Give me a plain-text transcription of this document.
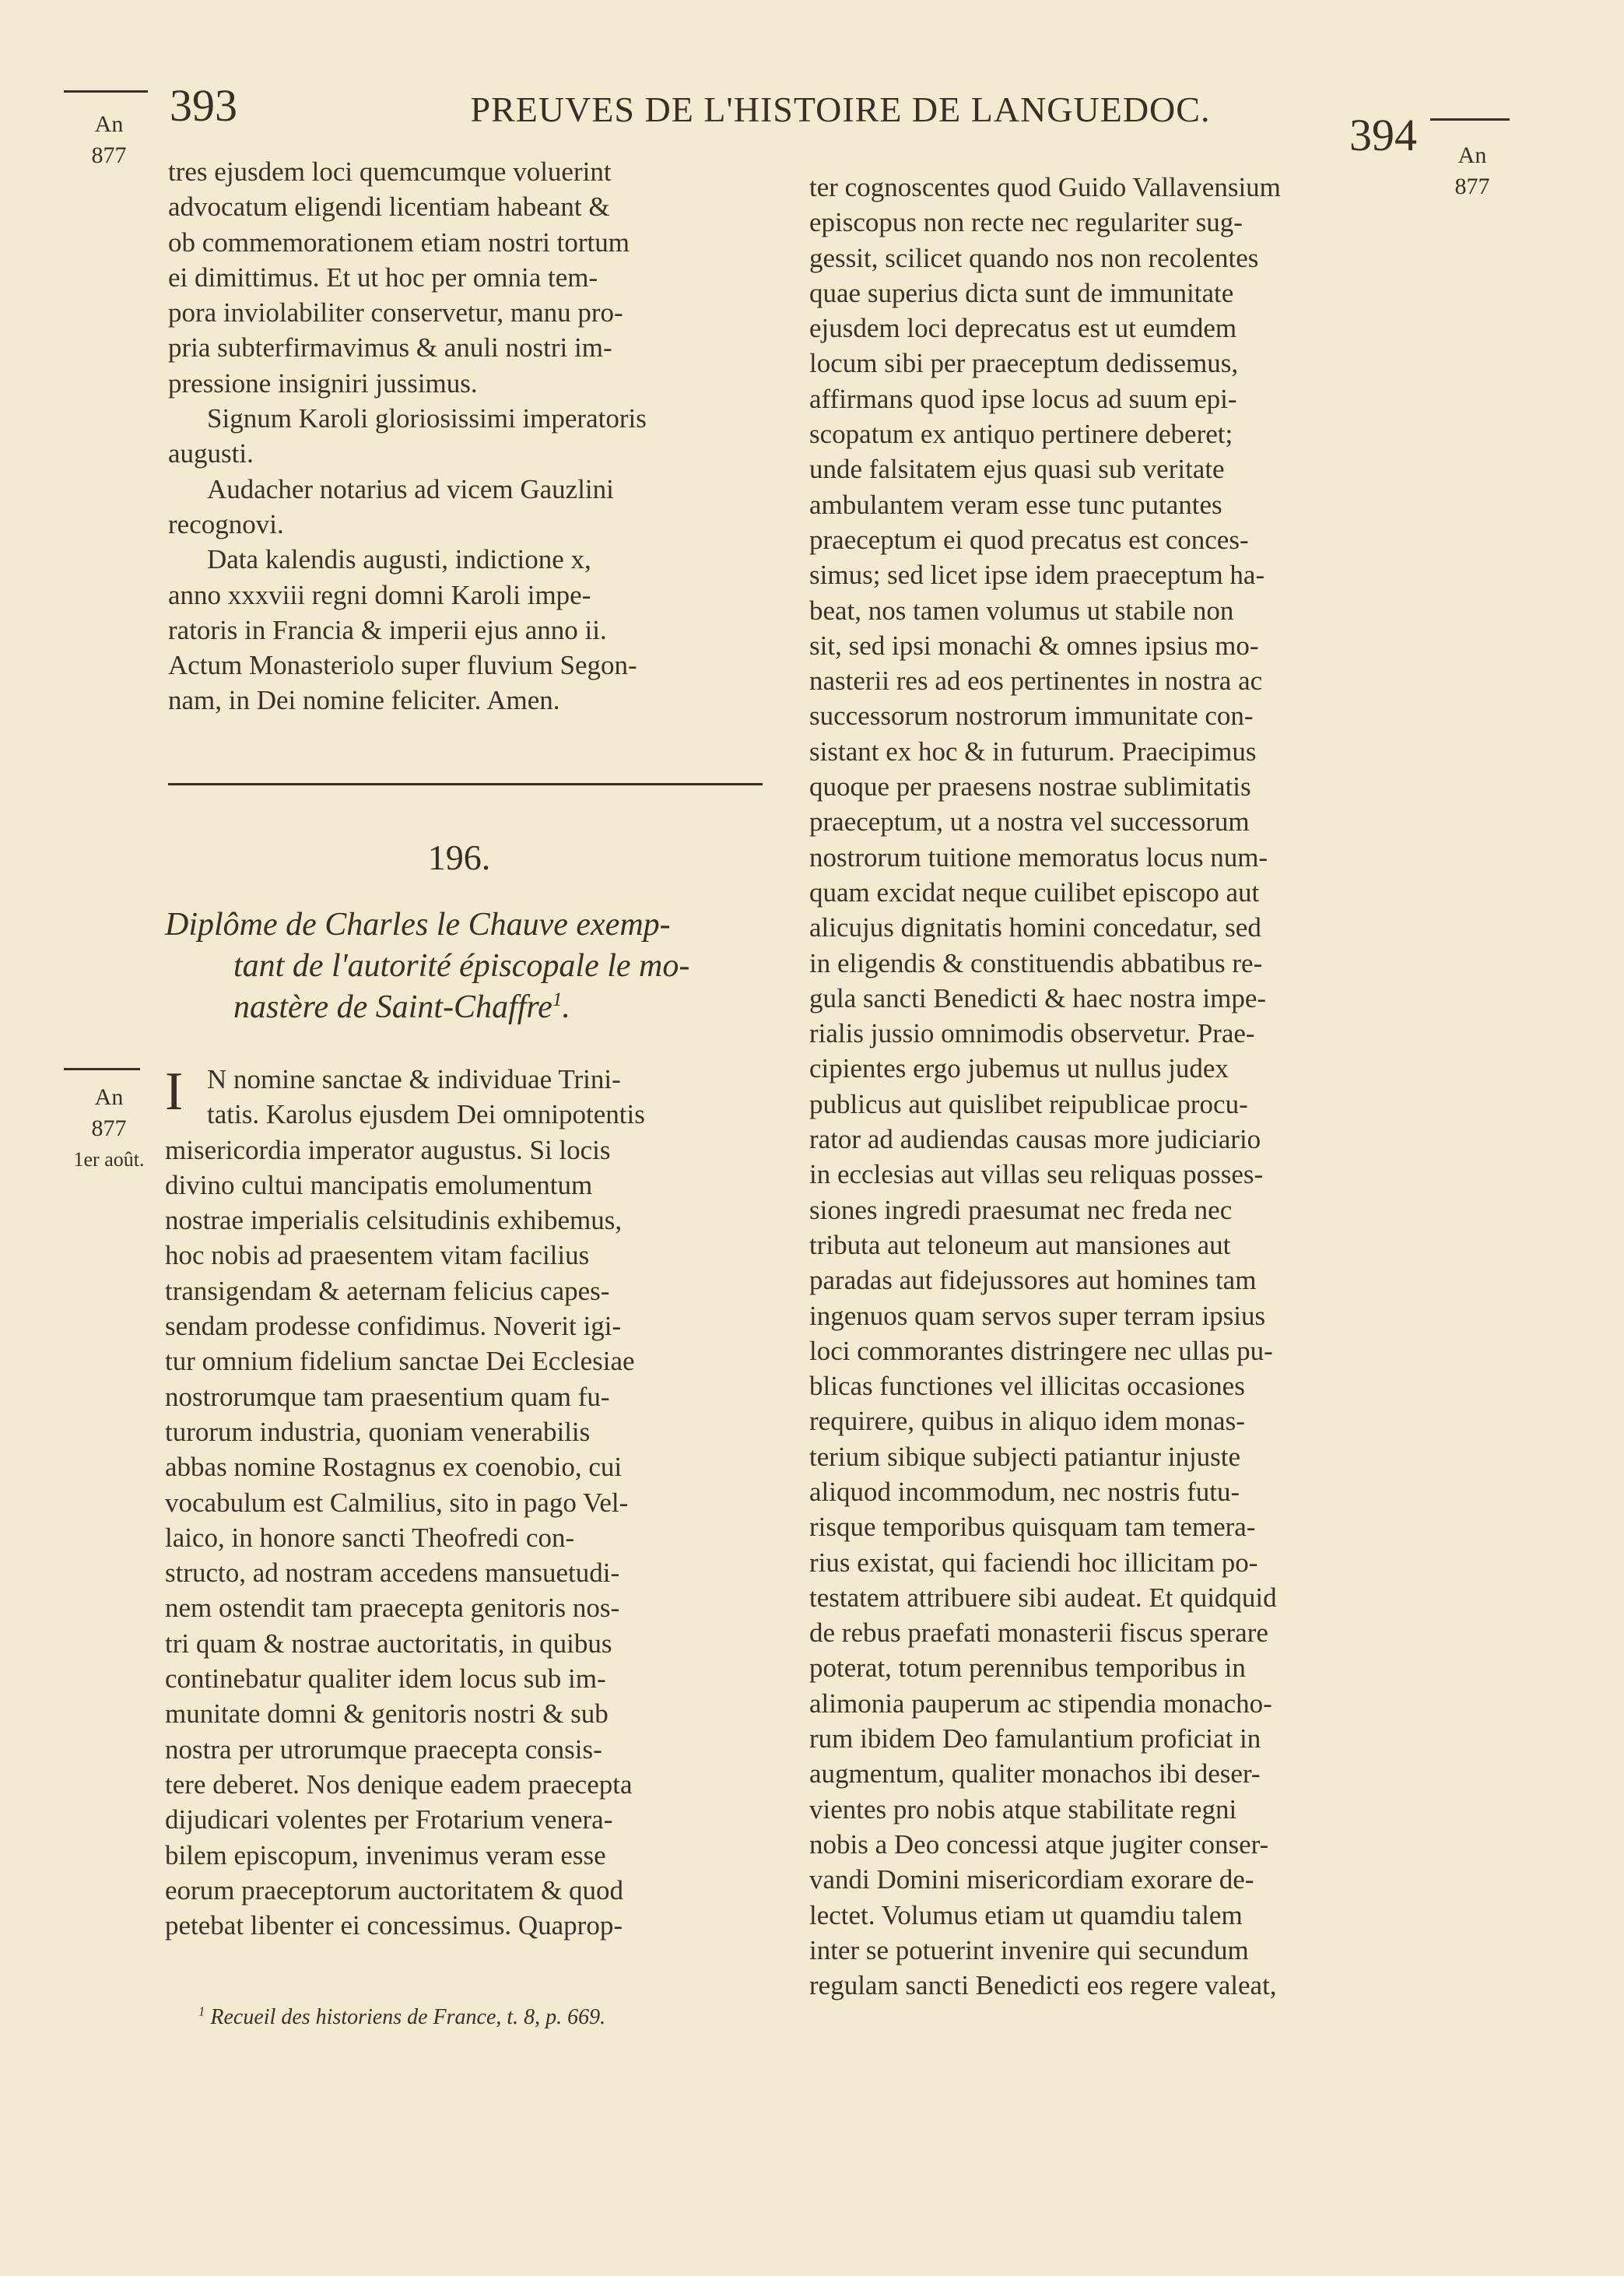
393	PREUVES DE L'HISTOIRE DE LANGUEDOC.
394
An
877	An
877
An
877
1er août.

tres ejusdem loci quemcumque voluerint

advocatum eligendi licentiam habeant &

ob commemorationem etiam nostri tortum

ei dimittimus. Et ut hoc per omnia tem-

pora inviolabiliter conservetur, manu pro-

pria subterfirmavimus & anuli nostri im-

pressione insigniri jussimus.

Signum Karoli gloriosissimi imperatoris

augusti.

Audacher notarius ad vicem Gauzlini

recognovi.

Data kalendis augusti, indictione x,

anno xxxviii regni domni Karoli impe-

ratoris in Francia & imperii ejus anno ii.

Actum Monasteriolo super fluvium Segon-

nam, in Dei nomine feliciter. Amen.

196.

Diplôme de Charles le Chauve exemp-

tant de l'autorité épiscopale le mo-

nastère de Saint-Chaffre$^1$.

I N nomine sanctae & individuae Trini-

tatis. Karolus ejusdem Dei omnipotentis

misericordia imperator augustus. Si locis

divino cultui mancipatis emolumentum

nostrae imperialis celsitudinis exhibemus,

hoc nobis ad praesentem vitam facilius

transigendam & aeternam felicius capes-

sendam prodesse confidimus. Noverit igi-

tur omnium fidelium sanctae Dei Ecclesiae

nostrorumque tam praesentium quam fu-

turorum industria, quoniam venerabilis

abbas nomine Rostagnus ex coenobio, cui

vocabulum est Calmilius, sito in pago Vel-

laico, in honore sancti Theofredi con-

structo, ad nostram accedens mansuetudi-

nem ostendit tam praecepta genitoris nos-

tri quam & nostrae auctoritatis, in quibus

continebatur qualiter idem locus sub im-

munitate domni & genitoris nostri & sub

nostra per utrorumque praecepta consis-

tere deberet. Nos denique eadem praecepta

dijudicari volentes per Frotarium venera-

bilem episcopum, invenimus veram esse

eorum praeceptorum auctoritatem & quod

petebat libenter ei concessimus. Quaprop-

$^1$ Recueil des historiens de France, t. 8, p. 669.

ter cognoscentes quod Guido Vallavensium

episcopus non recte nec regulariter sug-

gessit, scilicet quando nos non recolentes

quae superius dicta sunt de immunitate

ejusdem loci deprecatus est ut eumdem

locum sibi per praeceptum dedissemus,

affirmans quod ipse locus ad suum epi-

scopatum ex antiquo pertinere deberet;

unde falsitatem ejus quasi sub veritate

ambulantem veram esse tunc putantes

praeceptum ei quod precatus est conces-

simus; sed licet ipse idem praeceptum ha-

beat, nos tamen volumus ut stabile non

sit, sed ipsi monachi & omnes ipsius mo-

nasterii res ad eos pertinentes in nostra ac

successorum nostrorum immunitate con-

sistant ex hoc & in futurum. Praecipimus

quoque per praesens nostrae sublimitatis

praeceptum, ut a nostra vel successorum

nostrorum tuitione memoratus locus num-

quam excidat neque cuilibet episcopo aut

alicujus dignitatis homini concedatur, sed

in eligendis & constituendis abbatibus re-

gula sancti Benedicti & haec nostra impe-

rialis jussio omnimodis observetur. Prae-

cipientes ergo jubemus ut nullus judex

publicus aut quislibet reipublicae procu-

rator ad audiendas causas more judiciario

in ecclesias aut villas seu reliquas posses-

siones ingredi praesumat nec freda nec

tributa aut teloneum aut mansiones aut

paradas aut fidejussores aut homines tam

ingenuos quam servos super terram ipsius

loci commorantes distringere nec ullas pu-

blicas functiones vel illicitas occasiones

requirere, quibus in aliquo idem monas-

terium sibique subjecti patiantur injuste

aliquod incommodum, nec nostris futu-

risque temporibus quisquam tam temera-

rius existat, qui faciendi hoc illicitam po-

testatem attribuere sibi audeat. Et quidquid

de rebus praefati monasterii fiscus sperare

poterat, totum perennibus temporibus in

alimonia pauperum ac stipendia monacho-

rum ibidem Deo famulantium proficiat in

augmentum, qualiter monachos ibi deser-

vientes pro nobis atque stabilitate regni

nobis a Deo concessi atque jugiter conser-

vandi Domini misericordiam exorare de-

lectet. Volumus etiam ut quamdiu talem

inter se potuerint invenire qui secundum

regulam sancti Benedicti eos regere valeat,
